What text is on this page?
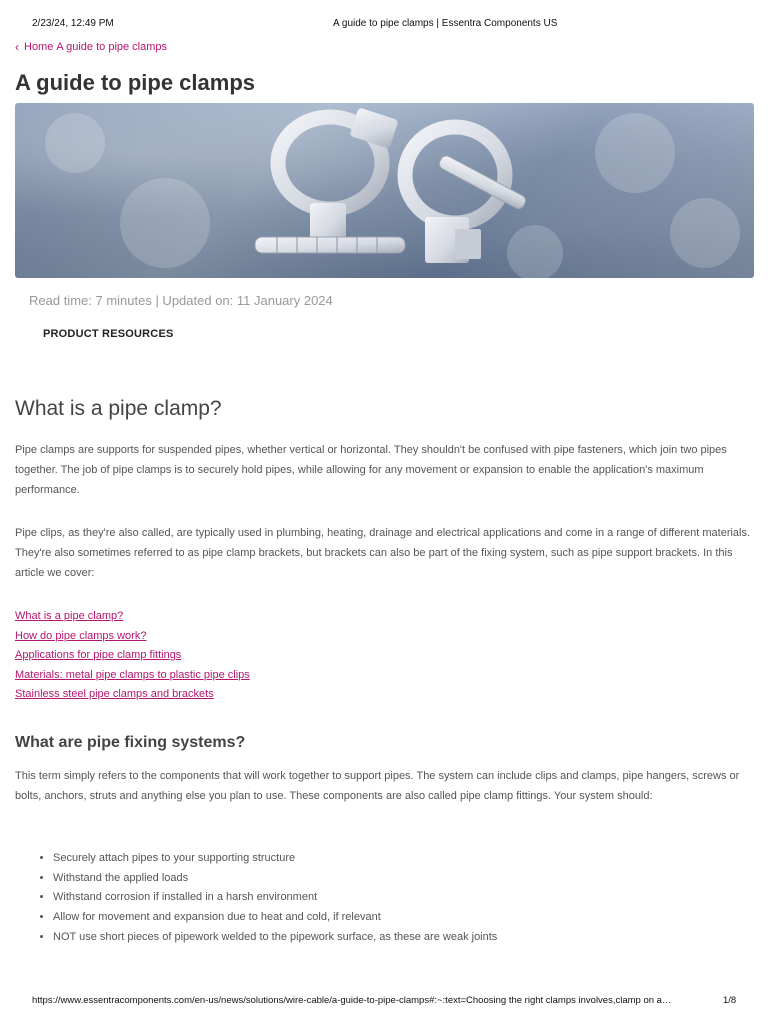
2/23/24, 12:49 PM	A guide to pipe clamps | Essentra Components US
‹ Home A guide to pipe clamps
A guide to pipe clamps
Read time: 7 minutes | Updated on: 11 January 2024
PRODUCT RESOURCES
What is a pipe clamp?

Pipe clamps are supports for suspended pipes, whether vertical or horizontal. They shouldn't be confused with pipe fasteners, which join two pipes together. The job of pipe clamps is to securely hold pipes, while allowing for any movement or expansion to enable the application's maximum performance.

Pipe clips, as they're also called, are typically used in plumbing, heating, drainage and electrical applications and come in a range of different materials. They're also sometimes referred to as pipe clamp brackets, but brackets can also be part of the fixing system, such as pipe support brackets. In this article we cover:

What is a pipe clamp?
How do pipe clamps work?
Applications for pipe clamp fittings
Materials: metal pipe clamps to plastic pipe clips
Stainless steel pipe clamps and brackets
What are pipe fixing systems?

This term simply refers to the components that will work together to support pipes. The system can include clips and clamps, pipe hangers, screws or bolts, anchors, struts and anything else you plan to use. These components are also called pipe clamp fittings. Your system should:

• Securely attach pipes to your supporting structure
• Withstand the applied loads
• Withstand corrosion if installed in a harsh environment
• Allow for movement and expansion due to heat and cold, if relevant
• NOT use short pieces of pipework welded to the pipework surface, as these are weak joints
https://www.essentracomponents.com/en-us/news/solutions/wire-cable/a-guide-to-pipe-clamps#:~:text=Choosing the right clamps involves,clamp on a…	1/8
